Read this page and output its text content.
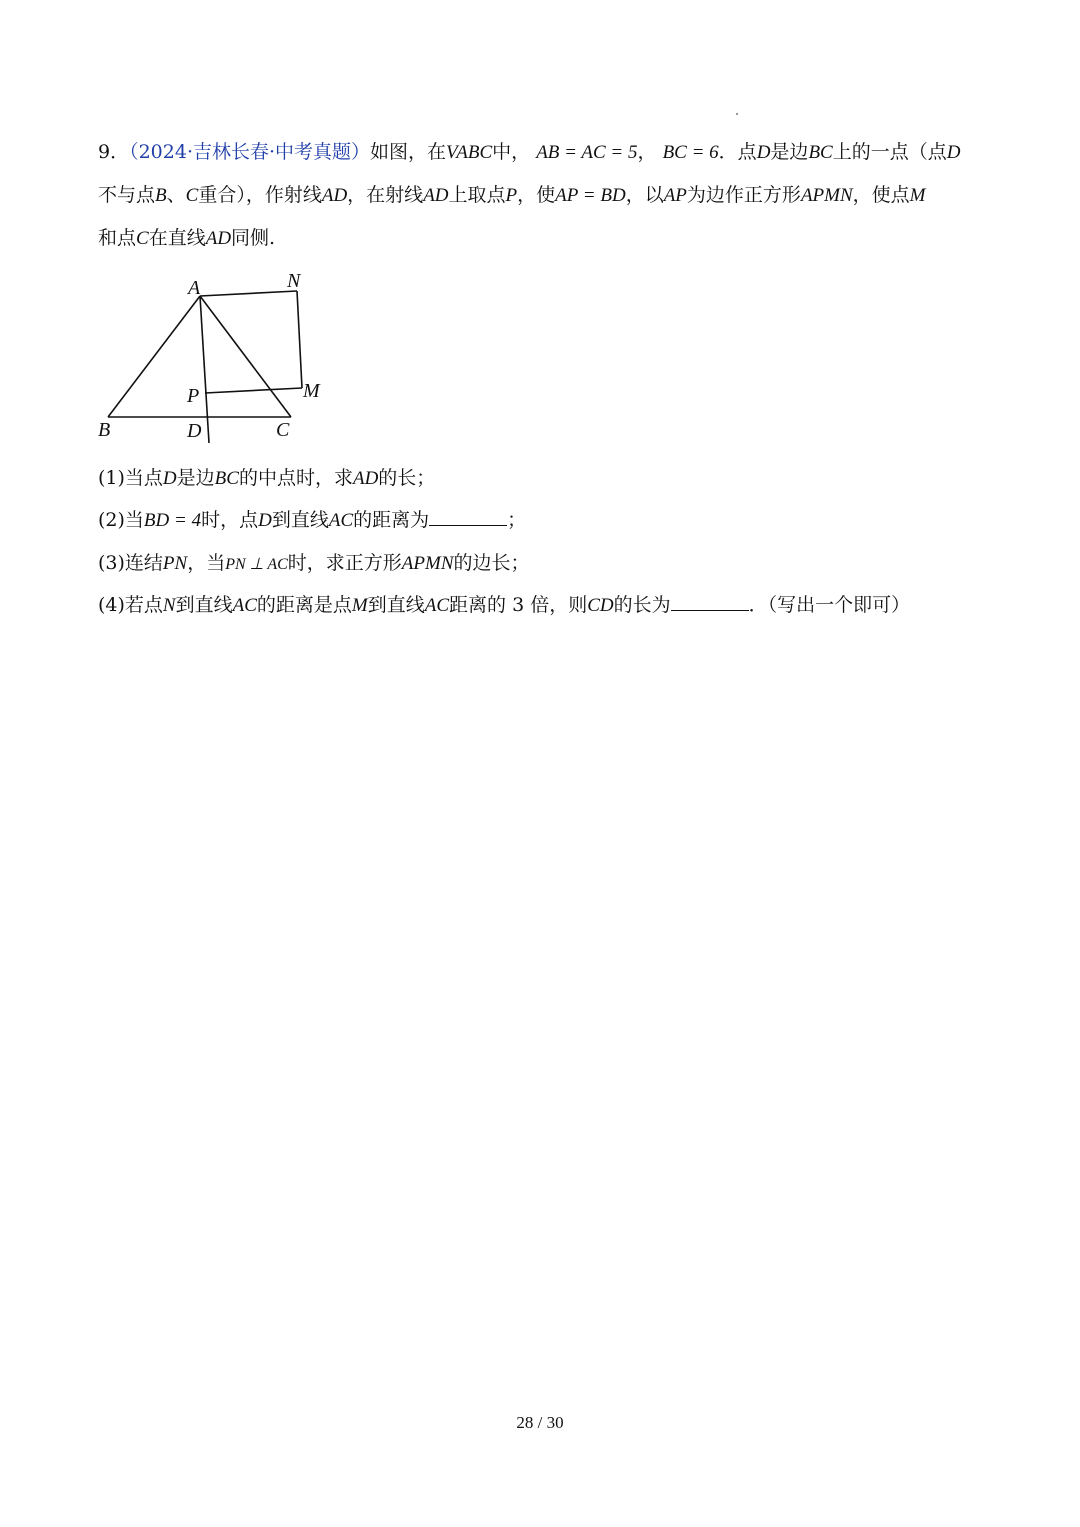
9．（2024·吉林长春·中考真题）如图，在VABC中， AB = AC = 5， BC = 6．点D是边BC上的一点（点D
不与点B、C重合），作射线AD，在射线AD上取点P，使AP = BD，以AP为边作正方形APMN，使点M
和点C在直线AD同侧.
A	N
P	M
B	D	C
(1)当点D是边BC的中点时，求AD的长；
(2)当BD = 4时，点D到直线AC的距离为	；
(3)连结PN，当PN ⊥ AC时，求正方形APMN的边长；
(4)若点N到直线AC的距离是点M到直线AC距离的 3 倍，则CD的长为	．（写出一个即可）
28 / 30
